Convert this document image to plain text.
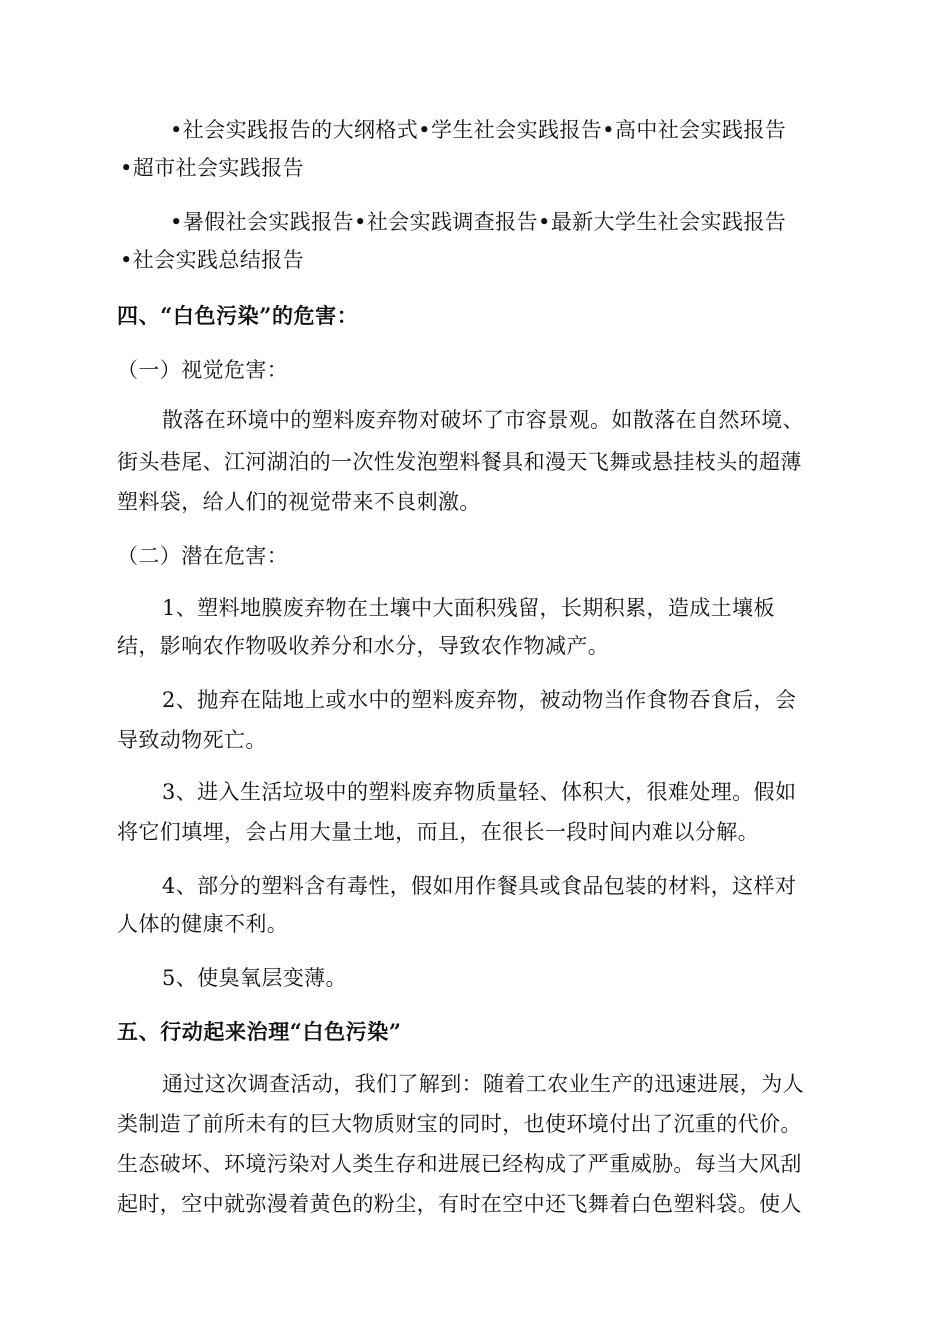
•社会实践报告的大纲格式•学生社会实践报告•高中社会实践报告
•超市社会实践报告
•暑假社会实践报告•社会实践调查报告•最新大学生社会实践报告
•社会实践总结报告
四、“白色污染”的危害：
（一）视觉危害：
散落在环境中的塑料废弃物对破坏了市容景观。如散落在自然环境、
街头巷尾、江河湖泊的一次性发泡塑料餐具和漫天飞舞或悬挂枝头的超薄
塑料袋，给人们的视觉带来不良刺激。
（二）潜在危害：
1、塑料地膜废弃物在土壤中大面积残留，长期积累，造成土壤板
结，影响农作物吸收养分和水分，导致农作物减产。
2、抛弃在陆地上或水中的塑料废弃物，被动物当作食物吞食后，会
导致动物死亡。
3、进入生活垃圾中的塑料废弃物质量轻、体积大，很难处理。假如
将它们填埋，会占用大量土地，而且，在很长一段时间内难以分解。
4、部分的塑料含有毒性，假如用作餐具或食品包装的材料，这样对
人体的健康不利。
5、使臭氧层变薄。
五、行动起来治理“白色污染”
通过这次调查活动，我们了解到：随着工农业生产的迅速进展，为人
类制造了前所未有的巨大物质财宝的同时，也使环境付出了沉重的代价。
生态破坏、环境污染对人类生存和进展已经构成了严重威胁。每当大风刮
起时，空中就弥漫着黄色的粉尘，有时在空中还飞舞着白色塑料袋。使人
